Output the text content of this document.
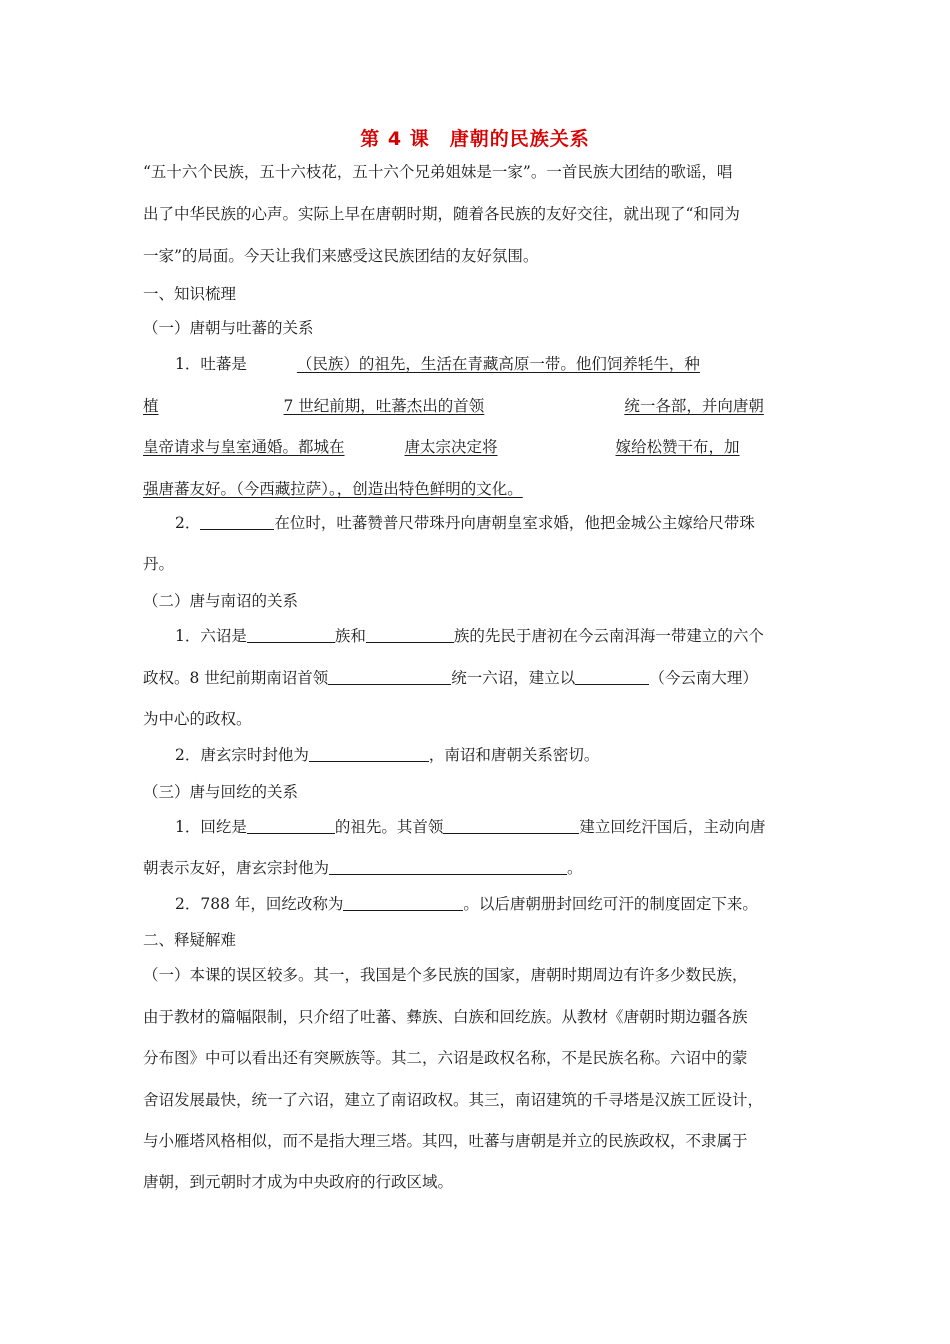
第 4 课　唐朝的民族关系
“五十六个民族，五十六枝花，五十六个兄弟姐妹是一家”。一首民族大团结的歌谣，唱
出了中华民族的心声。实际上早在唐朝时期，随着各民族的友好交往，就出现了“和同为
一家”的局面。今天让我们来感受这民族团结的友好氛围。
一、知识梳理
（一）唐朝与吐蕃的关系
1．吐蕃是	（民族）的祖先，生活在青藏高原一带。他们饲养牦牛，种
植	7 世纪前期，吐蕃杰出的首领	统一各部，并向唐朝
皇帝请求与皇室通婚。都城在	唐太宗决定将	嫁给松赞干布，加
强唐蕃友好。（今西藏拉萨）。，创造出特色鲜明的文化。
2．	在位时，吐蕃赞普尺带珠丹向唐朝皇室求婚，他把金城公主嫁给尺带珠
丹。
（二）唐与南诏的关系
1．六诏是	族和	族的先民于唐初在今云南洱海一带建立的六个
政权。8 世纪前期南诏首领	统一六诏，建立以	（今云南大理）
为中心的政权。
2．唐玄宗时封他为	，南诏和唐朝关系密切。
（三）唐与回纥的关系
1．回纥是	的祖先。其首领	建立回纥汗国后，主动向唐
朝表示友好，唐玄宗封他为	。
2．788 年，回纥改称为	。以后唐朝册封回纥可汗的制度固定下来。
二、释疑解难
（一）本课的误区较多。其一，我国是个多民族的国家，唐朝时期周边有许多少数民族，
由于教材的篇幅限制，只介绍了吐蕃、彝族、白族和回纥族。从教材《唐朝时期边疆各族
分布图》中可以看出还有突厥族等。其二，六诏是政权名称，不是民族名称。六诏中的蒙
舍诏发展最快，统一了六诏，建立了南诏政权。其三，南诏建筑的千寻塔是汉族工匠设计，
与小雁塔风格相似，而不是指大理三塔。其四，吐蕃与唐朝是并立的民族政权，不隶属于
唐朝，到元朝时才成为中央政府的行政区域。
